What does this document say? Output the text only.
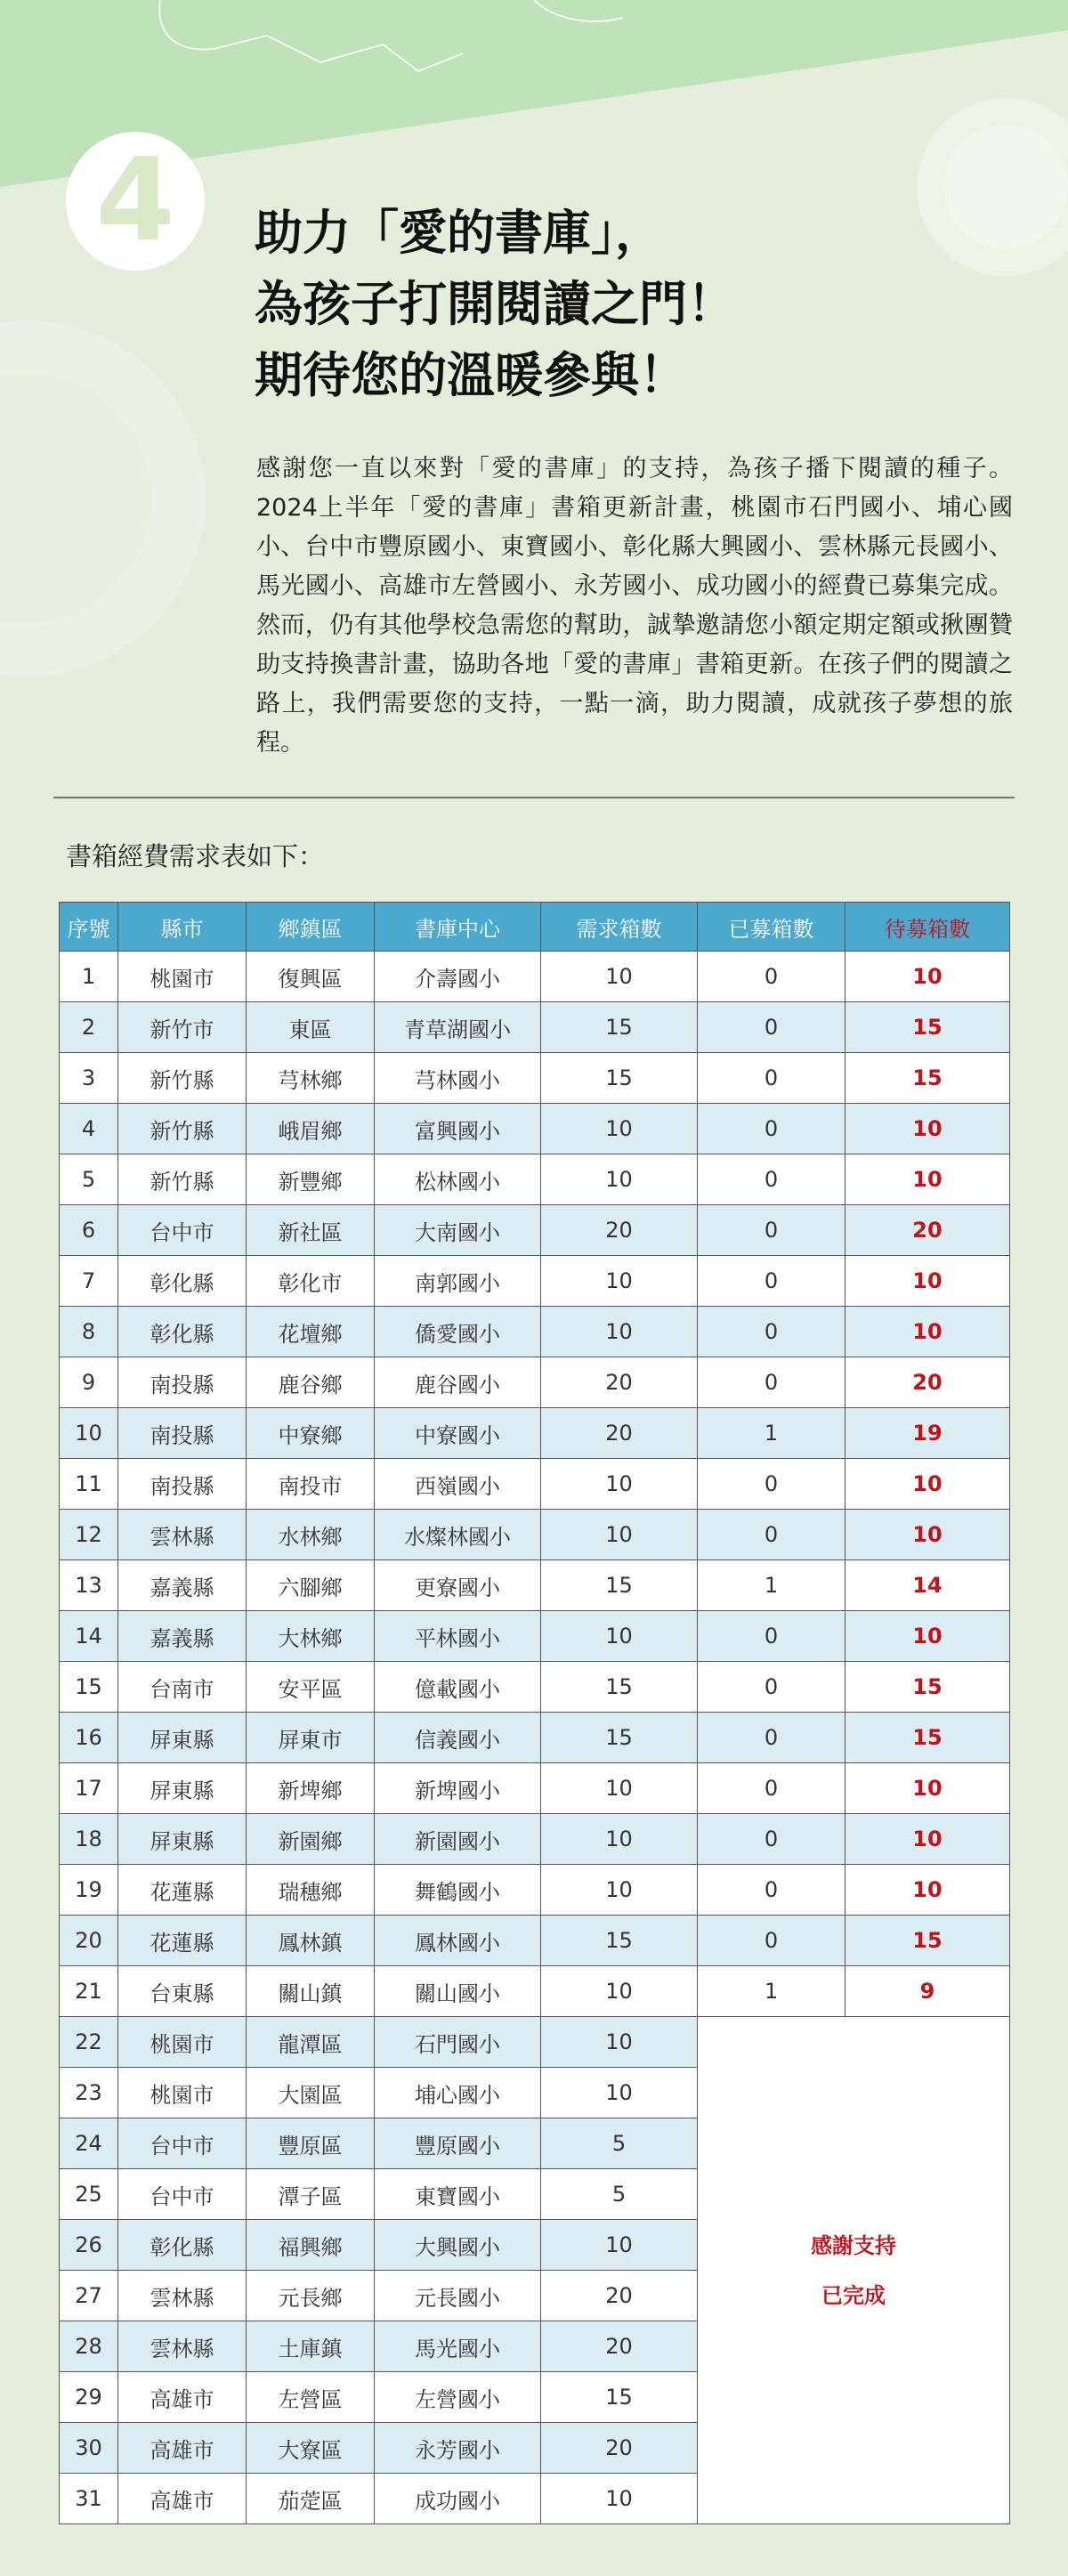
4 助力「愛的書庫」，
為孩子打開閱讀之門！
期待您的溫暖參與！
感謝您一直以來對「愛的書庫」的支持，為孩子播下閱讀的種子。2024上半年「愛的書庫」書箱更新計畫，桃園市石門國小、埔心國小、台中市豐原國小、東寶國小、彰化縣大興國小、雲林縣元長國小、馬光國小、高雄市左營國小、永芳國小、成功國小的經費已募集完成。然而，仍有其他學校急需您的幫助，誠摯邀請您小額定期定額或揪團贊助支持換書計畫，協助各地「愛的書庫」書箱更新。在孩子們的閱讀之路上，我們需要您的支持，一點一滴，助力閱讀，成就孩子夢想的旅程。
書箱經費需求表如下：
序號	縣市	鄉鎮區	書庫中心	需求箱數	已募箱數	待募箱數
1	桃園市	復興區	介壽國小	10	0	10
2	新竹市	東區	青草湖國小	15	0	15
3	新竹縣	芎林鄉	芎林國小	15	0	15
4	新竹縣	峨眉鄉	富興國小	10	0	10
5	新竹縣	新豐鄉	松林國小	10	0	10
6	台中市	新社區	大南國小	20	0	20
7	彰化縣	彰化市	南郭國小	10	0	10
8	彰化縣	花壇鄉	僑愛國小	10	0	10
9	南投縣	鹿谷鄉	鹿谷國小	20	0	20
10	南投縣	中寮鄉	中寮國小	20	1	19
11	南投縣	南投市	西嶺國小	10	0	10
12	雲林縣	水林鄉	水燦林國小	10	0	10
13	嘉義縣	六腳鄉	更寮國小	15	1	14
14	嘉義縣	大林鄉	平林國小	10	0	10
15	台南市	安平區	億載國小	15	0	15
16	屏東縣	屏東市	信義國小	15	0	15
17	屏東縣	新埤鄉	新埤國小	10	0	10
18	屏東縣	新園鄉	新園國小	10	0	10
19	花蓮縣	瑞穗鄉	舞鶴國小	10	0	10
20	花蓮縣	鳳林鎮	鳳林國小	15	0	15
21	台東縣	關山鎮	關山國小	10	1	9
22	桃園市	龍潭區	石門國小	10	感謝支持
已完成	

23	桃園市	大園區	埔心國小	10		
24	台中市	豐原區	豐原國小	5		
25	台中市	潭子區	東寶國小	5		
26	彰化縣	福興鄉	大興國小	10		
27	雲林縣	元長鄉	元長國小	20		
28	雲林縣	土庫鎮	馬光國小	20		
29	高雄市	左營區	左營國小	15		
30	高雄市	大寮區	永芳國小	20		
31	高雄市	茄萣區	成功國小	10		
